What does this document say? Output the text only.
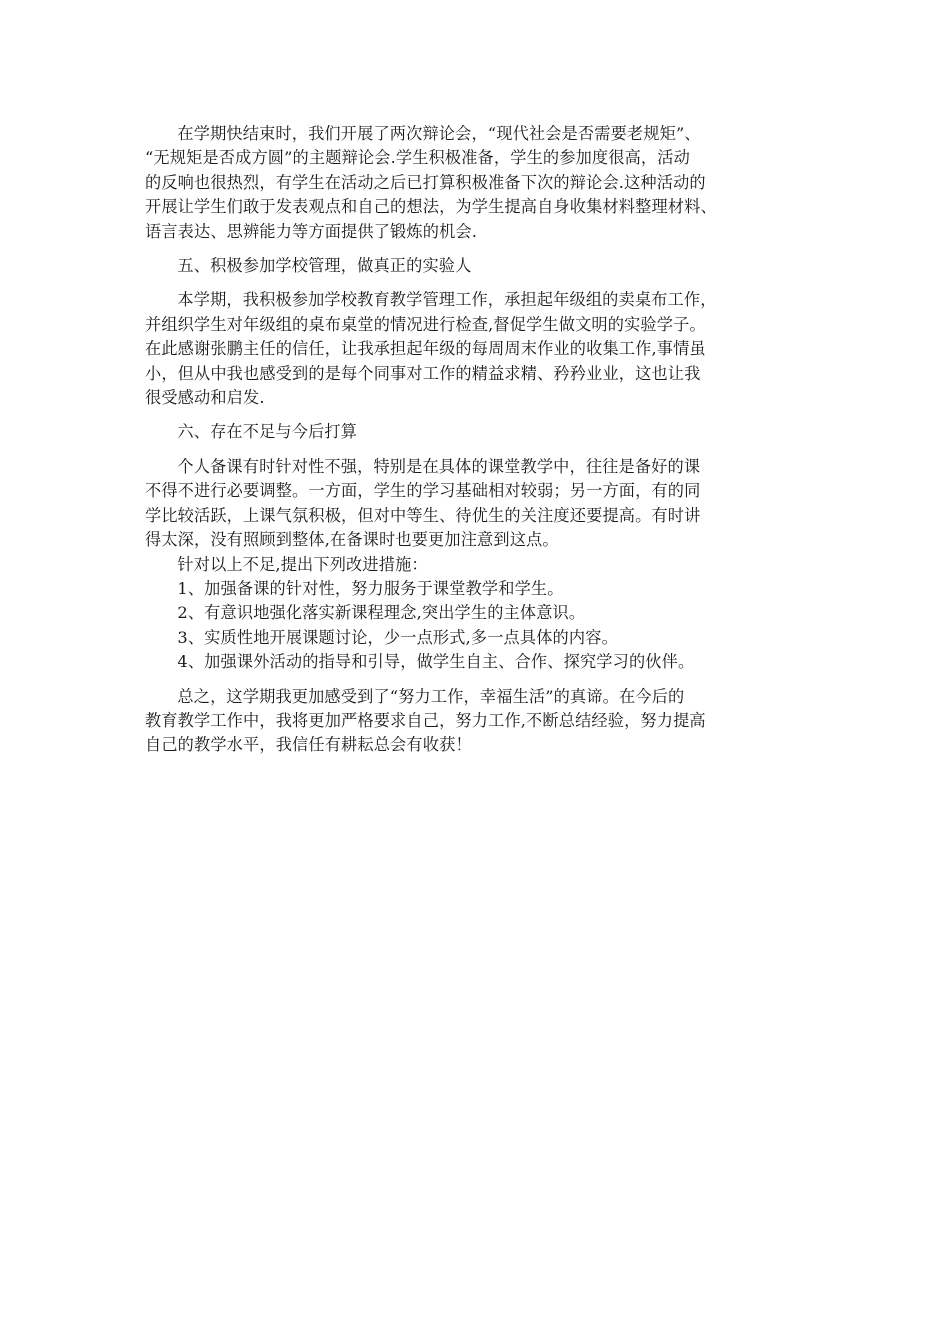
在学期快结束时，我们开展了两次辩论会，“现代社会是否需要老规矩”、
“无规矩是否成方圆”的主题辩论会.学生积极准备，学生的参加度很高，活动
的反响也很热烈，有学生在活动之后已打算积极准备下次的辩论会.这种活动的
开展让学生们敢于发表观点和自己的想法，为学生提高自身收集材料整理材料、
语言表达、思辨能力等方面提供了锻炼的机会.

五、积极参加学校管理，做真正的实验人

本学期，我积极参加学校教育教学管理工作，承担起年级组的卖桌布工作，
并组织学生对年级组的桌布桌堂的情况进行检查,督促学生做文明的实验学子。
在此感谢张鹏主任的信任，让我承担起年级的每周周末作业的收集工作,事情虽
小，但从中我也感受到的是每个同事对工作的精益求精、矜矜业业，这也让我
很受感动和启发.

六、存在不足与今后打算

个人备课有时针对性不强，特别是在具体的课堂教学中，往往是备好的课
不得不进行必要调整。一方面，学生的学习基础相对较弱；另一方面，有的同
学比较活跃，上课气氛积极，但对中等生、待优生的关注度还要提高。有时讲
得太深，没有照顾到整体,在备课时也要更加注意到这点。

针对以上不足,提出下列改进措施：

1、加强备课的针对性，努力服务于课堂教学和学生。

2、有意识地强化落实新课程理念,突出学生的主体意识。

3、实质性地开展课题讨论，少一点形式,多一点具体的内容。

4、加强课外活动的指导和引导，做学生自主、合作、探究学习的伙伴。

总之，这学期我更加感受到了“努力工作，幸福生活”的真谛。在今后的
教育教学工作中，我将更加严格要求自己，努力工作,不断总结经验，努力提高
自己的教学水平，我信任有耕耘总会有收获！
